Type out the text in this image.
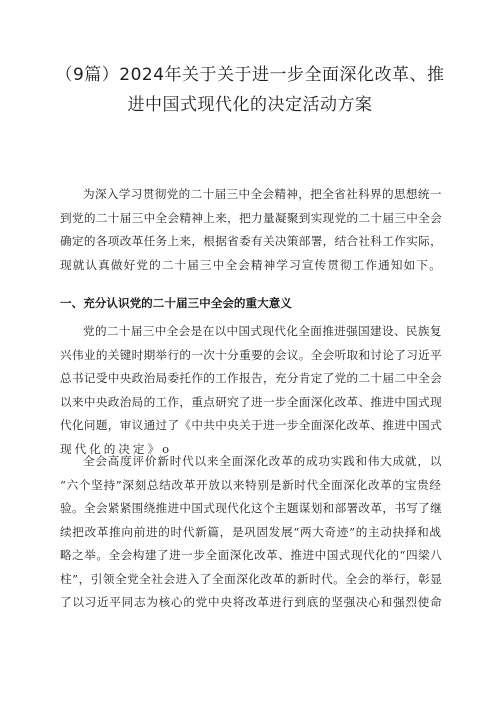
（9篇）2024年关于关于进一步全面深化改革、推
进中国式现代化的决定活动方案
为深入学习贯彻党的二十届三中全会精神，把全省社科界的思想统一
到党的二十届三中全会精神上来，把力量凝聚到实现党的二十届三中全会
确定的各项改革任务上来，根据省委有关决策部署，结合社科工作实际，
现就认真做好党的二十届三中全会精神学习宣传贯彻工作通知如下。
一、充分认识党的二十届三中全会的重大意义
党的二十届三中全会是在以中国式现代化全面推进强国建设、民族复
兴伟业的关键时期举行的一次十分重要的会议。全会听取和讨论了习近平
总书记受中央政治局委托作的工作报告，充分肯定了党的二十届二中全会
以来中央政治局的工作，重点研究了进一步全面深化改革、推进中国式现
代化问题，审议通过了《中共中央关于进一步全面深化改革、推进中国式
现代化的决定》o
全会高度评价新时代以来全面深化改革的成功实践和伟大成就，以
“六个坚持”深刻总结改革开放以来特别是新时代全面深化改革的宝贵经
验。全会紧紧围绕推进中国式现代化这个主题谋划和部署改革，书写了继
续把改革推向前进的时代新篇，是巩固发展“两大奇迹”的主动抉择和战
略之举。全会构建了进一步全面深化改革、推进中国式现代化的“四梁八
柱”，引领全党全社会进入了全面深化改革的新时代。全会的举行，彰显
了以习近平同志为核心的党中央将改革进行到底的坚强决心和强烈使命
